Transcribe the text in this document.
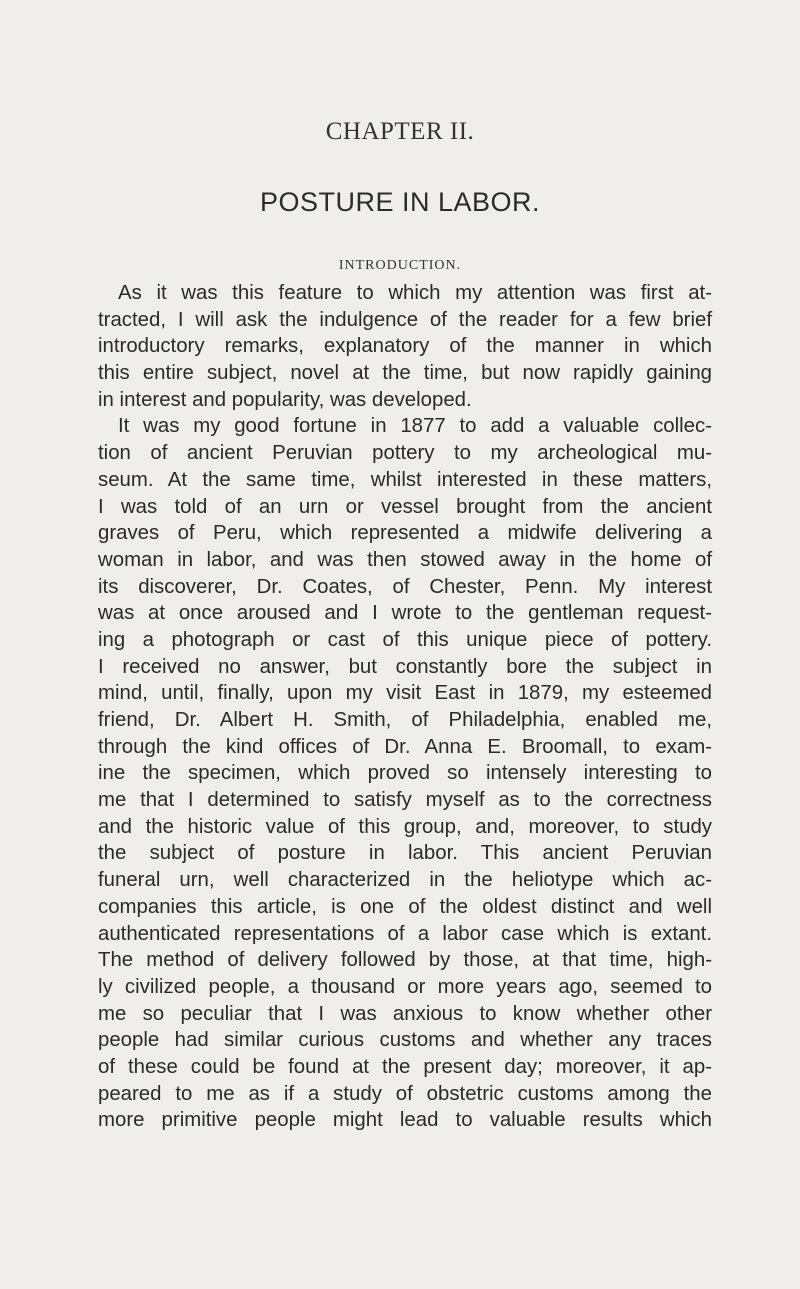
CHAPTER II.
POSTURE IN LABOR.
INTRODUCTION.
As it was this feature to which my attention was first at-
tracted, I will ask the indulgence of the reader for a few brief
introductory remarks, explanatory of the manner in which
this entire subject, novel at the time, but now rapidly gaining
in interest and popularity, was developed.
It was my good fortune in 1877 to add a valuable collec-
tion of ancient Peruvian pottery to my archeological mu-
seum. At the same time, whilst interested in these matters,
I was told of an urn or vessel brought from the ancient
graves of Peru, which represented a midwife delivering a
woman in labor, and was then stowed away in the home of
its discoverer, Dr. Coates, of Chester, Penn. My interest
was at once aroused and I wrote to the gentleman request-
ing a photograph or cast of this unique piece of pottery.
I received no answer, but constantly bore the subject in
mind, until, finally, upon my visit East in 1879, my esteemed
friend, Dr. Albert H. Smith, of Philadelphia, enabled me,
through the kind offices of Dr. Anna E. Broomall, to exam-
ine the specimen, which proved so intensely interesting to
me that I determined to satisfy myself as to the correctness
and the historic value of this group, and, moreover, to study
the subject of posture in labor. This ancient Peruvian
funeral urn, well characterized in the heliotype which ac-
companies this article, is one of the oldest distinct and well
authenticated representations of a labor case which is extant.
The method of delivery followed by those, at that time, high-
ly civilized people, a thousand or more years ago, seemed to
me so peculiar that I was anxious to know whether other
people had similar curious customs and whether any traces
of these could be found at the present day; moreover, it ap-
peared to me as if a study of obstetric customs among the
more primitive people might lead to valuable results which
